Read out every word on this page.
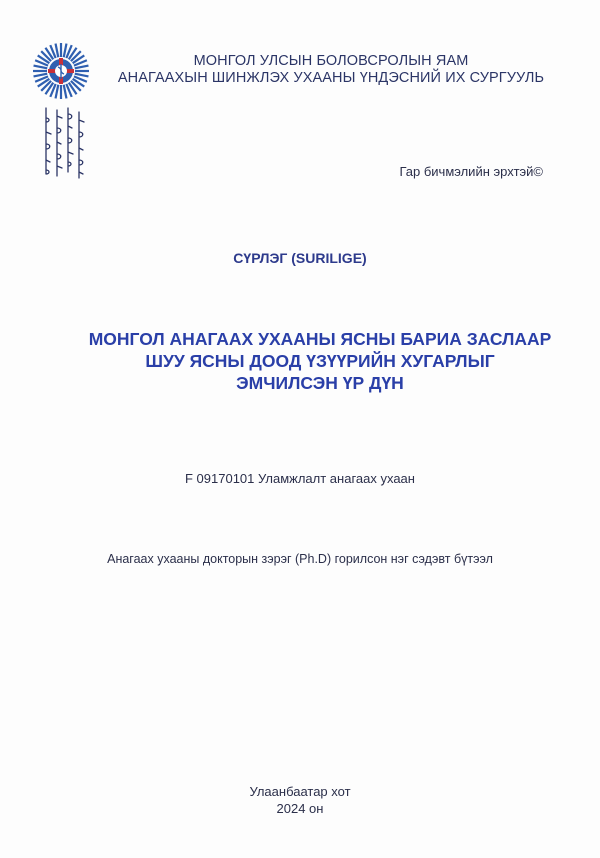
МОНГОЛ УЛСЫН БОЛОВСРОЛЫН ЯАМ
АНАГААХЫН ШИНЖЛЭХ УХААНЫ ҮНДЭСНИЙ ИХ СУРГУУЛЬ
Гар бичмэлийн эрхтэй©
СҮРЛЭГ (SURILIGE)
МОНГОЛ АНАГААХ УХААНЫ ЯСНЫ БАРИА ЗАСЛААР
ШУУ ЯСНЫ ДООД ҮЗҮҮРИЙН ХУГАРЛЫГ
ЭМЧИЛСЭН ҮР ДҮН
F 09170101 Уламжлалт анагаах ухаан
Анагаах ухааны докторын зэрэг (Ph.D) горилсон нэг сэдэвт бүтээл
Улаанбаатар хот
2024 он
